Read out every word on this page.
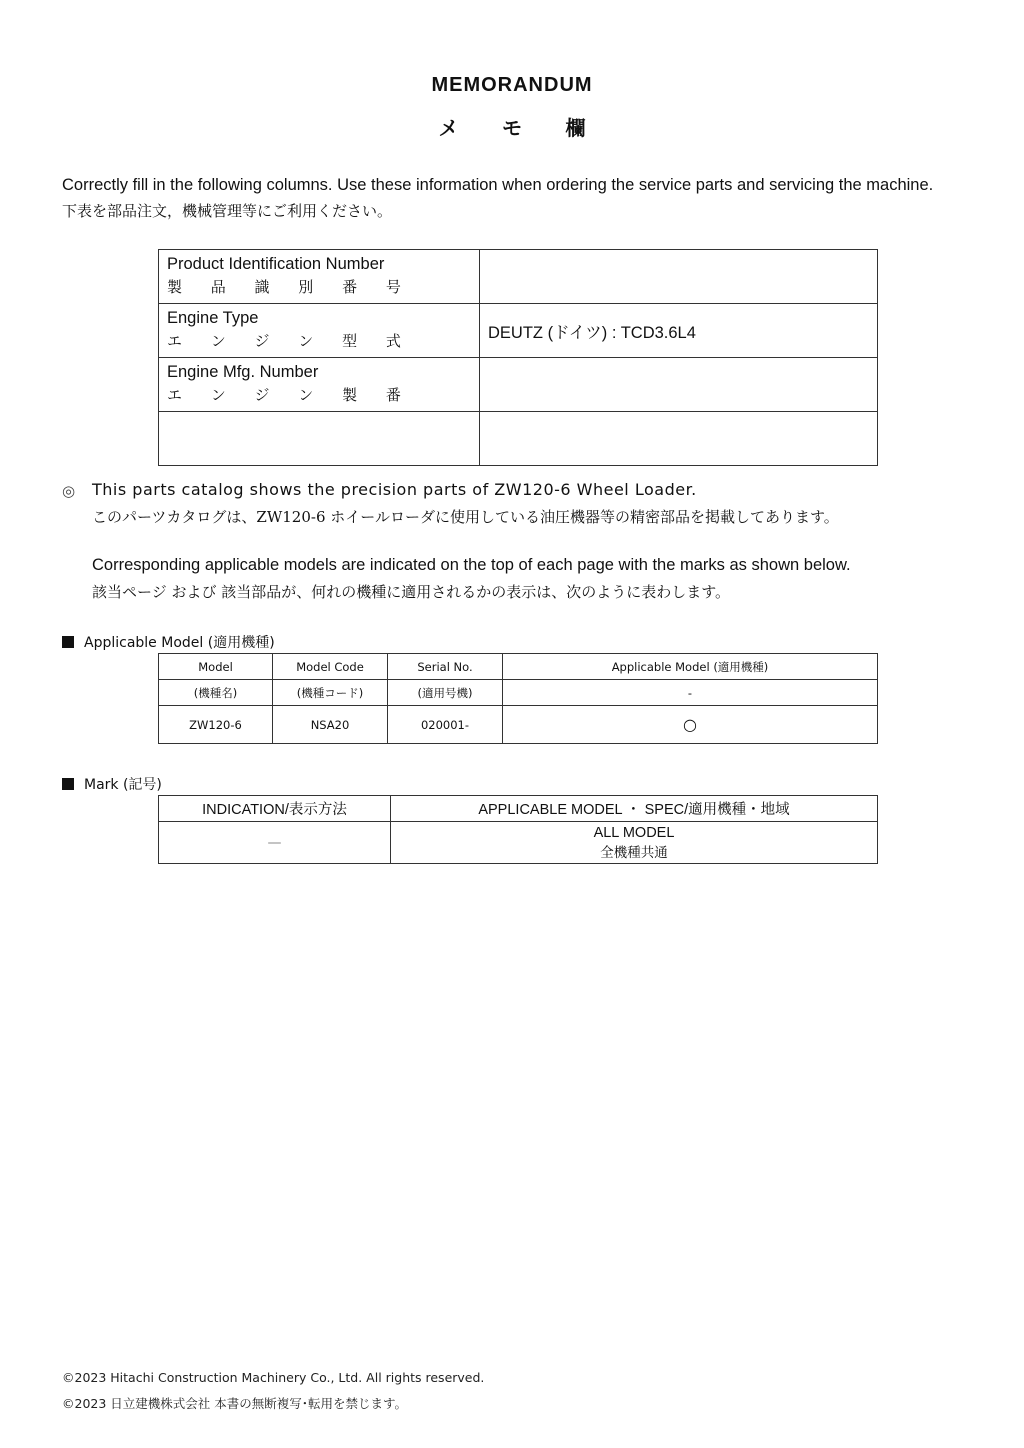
MEMORANDUM
メ モ 欄
Correctly fill in the following columns. Use these information when ordering the service parts and servicing the machine.
下表を部品注文，機械管理等にご利用ください。
Product Identification Number
製 品 識 別 番 号	

Engine Type
エ ン ジ ン 型 式	DEUTZ (ドイツ) : TCD3.6L4

Engine Mfg. Number
エ ン ジ ン 製 番	

◎ This parts catalog shows the precision parts of ZW120-6 Wheel Loader.
このパーツカタログは、ZW120-6 ホイールローダに使用している油圧機器等の精密部品を掲載してあります。
Corresponding applicable models are indicated on the top of each page with the marks as shown below.
該当ページ および 該当部品が、何れの機種に適用されるかの表示は、次のように表わします。
Applicable Model (適用機種)
Model	Model Code	Serial No.	Applicable Model (適用機種)
(機種名)	(機種コード)	(適用号機)	-
ZW120-6	NSA20	020001-	○
Mark (記号)
INDICATION/表示方法	APPLICABLE MODEL ・ SPEC/適用機種・地域
—	ALL MODEL
全機種共通
©2023 Hitachi Construction Machinery Co., Ltd. All rights reserved.
©2023 日立建機株式会社 本書の無断複写･転用を禁じます。
